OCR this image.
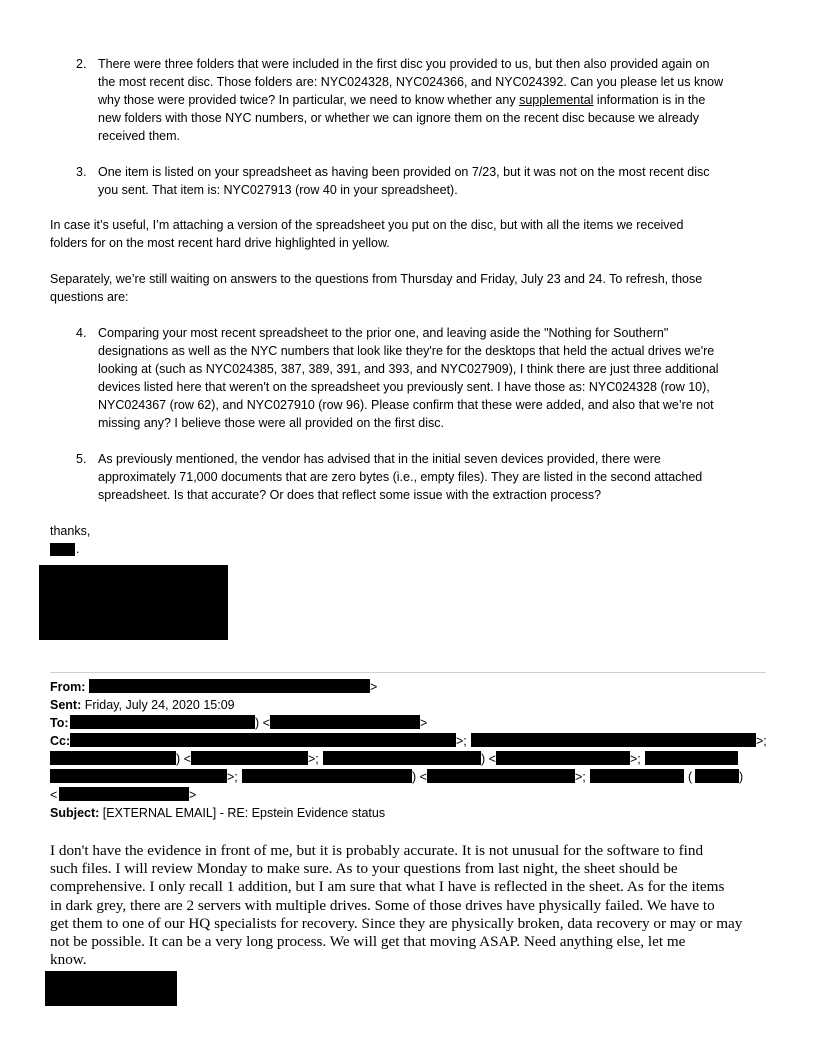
2. There were three folders that were included in the first disc you provided to us, but then also provided again on
the most recent disc. Those folders are: NYC024328, NYC024366, and NYC024392. Can you please let us know
why those were provided twice? In particular, we need to know whether any supplemental information is in the
new folders with those NYC numbers, or whether we can ignore them on the recent disc because we already
received them.
3. One item is listed on your spreadsheet as having been provided on 7/23, but it was not on the most recent disc
you sent. That item is: NYC027913 (row 40 in your spreadsheet).
In case it’s useful, I’m attaching a version of the spreadsheet you put on the disc, but with all the items we received
folders for on the most recent hard drive highlighted in yellow.
Separately, we’re still waiting on answers to the questions from Thursday and Friday, July 23 and 24. To refresh, those
questions are:
4. Comparing your most recent spreadsheet to the prior one, and leaving aside the "Nothing for Southern"
designations as well as the NYC numbers that look like they're for the desktops that held the actual drives we're
looking at (such as NYC024385, 387, 389, 391, and 393, and NYC027909), I think there are just three additional
devices listed here that weren't on the spreadsheet you previously sent. I have those as: NYC024328 (row 10),
NYC024367 (row 62), and NYC027910 (row 96). Please confirm that these were added, and also that we’re not
missing any? I believe those were all provided on the first disc.
5. As previously mentioned, the vendor has advised that in the initial seven devices provided, there were
approximately 71,000 documents that are zero bytes (i.e., empty files). They are listed in the second attached
spreadsheet. Is that accurate? Or does that reflect some issue with the extraction process?
thanks,
.
From:	>
Sent: Friday, July 24, 2020 15:09
To:	) <	>
Cc:	>;	>;
) <	>;	) <	>;
>;	) <	>;	(	)
<	>
Subject: [EXTERNAL EMAIL] - RE: Epstein Evidence status
I don't have the evidence in front of me, but it is probably accurate. It is not unusual for the software to find
such files. I will review Monday to make sure. As to your questions from last night, the sheet should be
comprehensive. I only recall 1 addition, but I am sure that what I have is reflected in the sheet. As for the items
in dark grey, there are 2 servers with multiple drives. Some of those drives have physically failed. We have to
get them to one of our HQ specialists for recovery. Since they are physically broken, data recovery or may or may
not be possible. It can be a very long process. We will get that moving ASAP. Need anything else, let me
know.
